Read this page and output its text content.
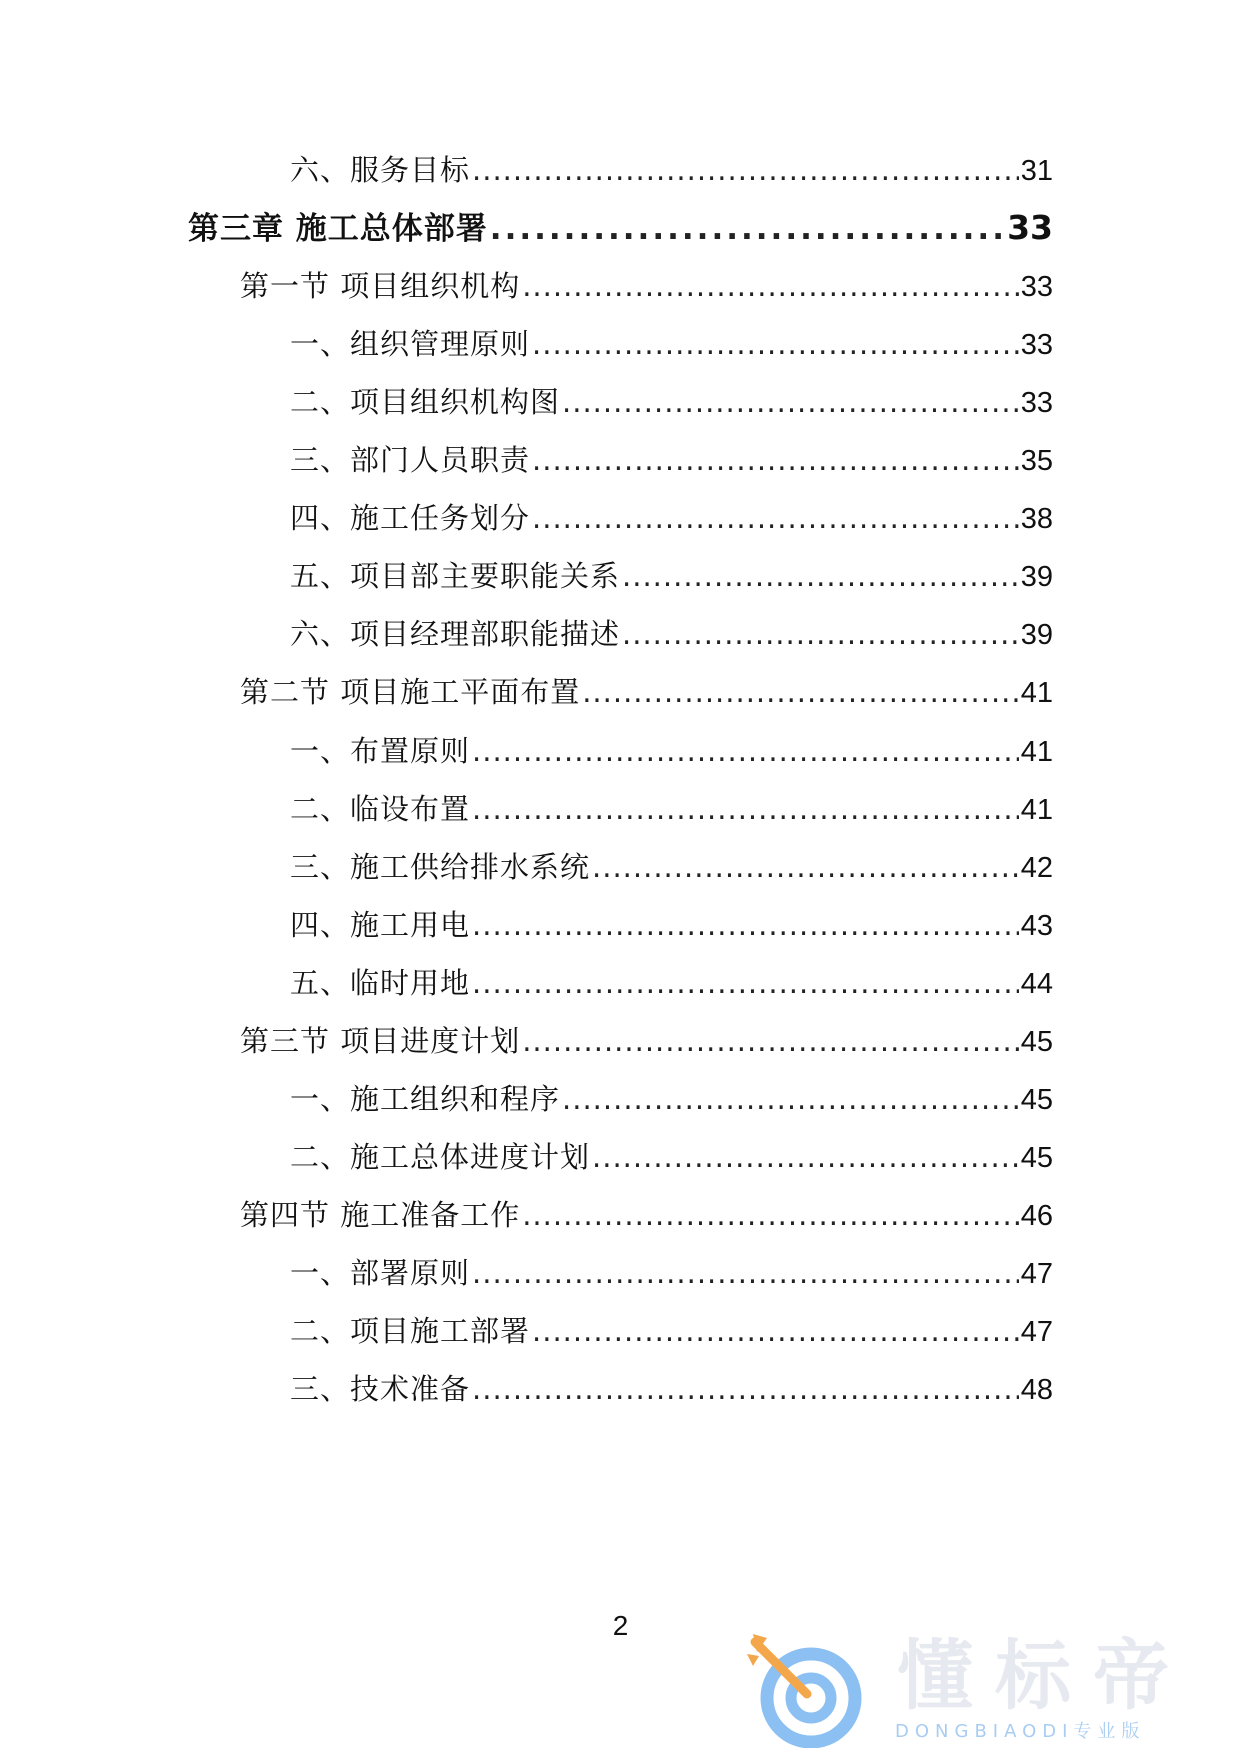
六、服务目标 .....	31
第三章 施工总体部署 .....	33
第一节 项目组织机构 .....	33
一、组织管理原则 .....	33
二、项目组织机构图 .....	33
三、部门人员职责 .....	35
四、施工任务划分 .....	38
五、项目部主要职能关系 .....	39
六、项目经理部职能描述 .....	39
第二节 项目施工平面布置 .....	41
一、布置原则 .....	41
二、临设布置 .....	41
三、施工供给排水系统 .....	42
四、施工用电 .....	43
五、临时用地 .....	44
第三节 项目进度计划 .....	45
一、施工组织和程序 .....	45
二、施工总体进度计划 .....	45
第四节 施工准备工作 .....	46
一、部署原则 .....	47
二、项目施工部署 .....	47
三、技术准备 .....	48
2
懂标帝
DONGBIAODI专业版
